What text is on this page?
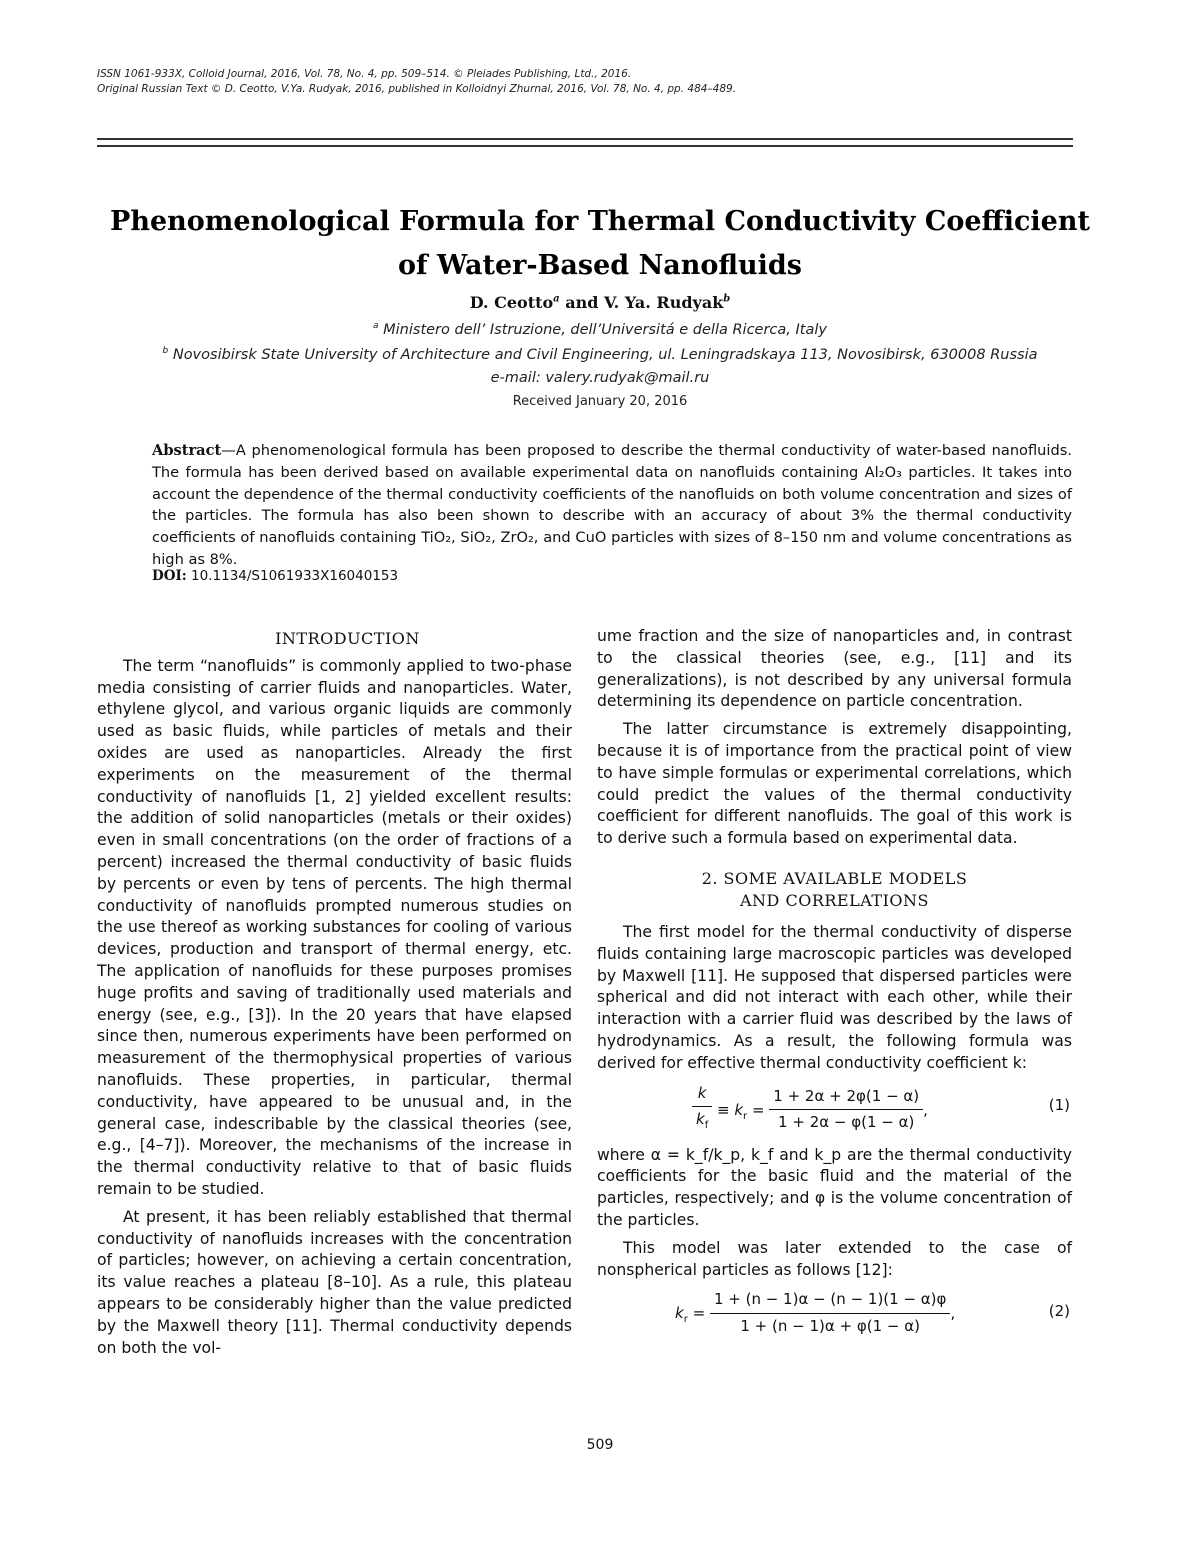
ISSN 1061-933X, Colloid Journal, 2016, Vol. 78, No. 4, pp. 509–514. © Pleiades Publishing, Ltd., 2016.
Original Russian Text © D. Ceotto, V.Ya. Rudyak, 2016, published in Kolloidnyi Zhurnal, 2016, Vol. 78, No. 4, pp. 484–489.
Phenomenological Formula for Thermal Conductivity Coefficient
of Water-Based Nanofluids
D. Ceotto$^a$ and V. Ya. Rudyak$^b$
$^a$ Ministero dell’ Istruzione, dell’Universitá e della Ricerca, Italy
$^b$ Novosibirsk State University of Architecture and Civil Engineering, ul. Leningradskaya 113, Novosibirsk, 630008 Russia
e-mail: valery.rudyak@mail.ru
Received January 20, 2016
Abstract—A phenomenological formula has been proposed to describe the thermal conductivity of water-based nanofluids. The formula has been derived based on available experimental data on nanofluids containing Al₂O₃ particles. It takes into account the dependence of the thermal conductivity coefficients of the nanofluids on both volume concentration and sizes of the particles. The formula has also been shown to describe with an accuracy of about 3% the thermal conductivity coefficients of nanofluids containing TiO₂, SiO₂, ZrO₂, and CuO particles with sizes of 8–150 nm and volume concentrations as high as 8%.
DOI: 10.1134/S1061933X16040153

INTRODUCTION

The term “nanofluids” is commonly applied to two-phase media consisting of carrier fluids and nanoparticles. Water, ethylene glycol, and various organic liquids are commonly used as basic fluids, while particles of metals and their oxides are used as nanoparticles. Already the first experiments on the measurement of the thermal conductivity of nanofluids [1, 2] yielded excellent results: the addition of solid nanoparticles (metals or their oxides) even in small concentrations (on the order of fractions of a percent) increased the thermal conductivity of basic fluids by percents or even by tens of percents. The high thermal conductivity of nanofluids prompted numerous studies on the use thereof as working substances for cooling of various devices, production and transport of thermal energy, etc. The application of nanofluids for these purposes promises huge profits and saving of traditionally used materials and energy (see, e.g., [3]). In the 20 years that have elapsed since then, numerous experiments have been performed on measurement of the thermophysical properties of various nanofluids. These properties, in particular, thermal conductivity, have appeared to be unusual and, in the general case, indescribable by the classical theories (see, e.g., [4–7]). Moreover, the mechanisms of the increase in the thermal conductivity relative to that of basic fluids remain to be studied.

At present, it has been reliably established that thermal conductivity of nanofluids increases with the concentration of particles; however, on achieving a certain concentration, its value reaches a plateau [8–10]. As a rule, this plateau appears to be considerably higher than the value predicted by the Maxwell theory [11]. Thermal conductivity depends on both the vol-

ume fraction and the size of nanoparticles and, in contrast to the classical theories (see, e.g., [11] and its generalizations), is not described by any universal formula determining its dependence on particle concentration.

The latter circumstance is extremely disappointing, because it is of importance from the practical point of view to have simple formulas or experimental correlations, which could predict the values of the thermal conductivity coefficient for different nanofluids. The goal of this work is to derive such a formula based on experimental data.

2. SOME AVAILABLE MODELS
AND CORRELATIONS

The first model for the thermal conductivity of disperse fluids containing large macroscopic particles was developed by Maxwell [11]. He supposed that dispersed particles were spherical and did not interact with each other, while their interaction with a carrier fluid was described by the laws of hydrodynamics. As a result, the following formula was derived for effective thermal conductivity coefficient k:

$\frac{k}{k_f} \equiv k_r = \frac{1 + 2\alpha + 2\varphi(1 - \alpha)}{1 + 2\alpha - \varphi(1 - \alpha)}$ ,	(1)

where α = k_f/k_p, k_f and k_p are the thermal conductivity coefficients for the basic fluid and the material of the particles, respectively; and φ is the volume concentration of the particles.

This model was later extended to the case of nonspherical particles as follows [12]:

$k_r = \frac{1 + (n - 1)\alpha - (n - 1)(1 - \alpha)\varphi}{1 + (n - 1)\alpha + \varphi(1 - \alpha)}$ ,	(2)
509
